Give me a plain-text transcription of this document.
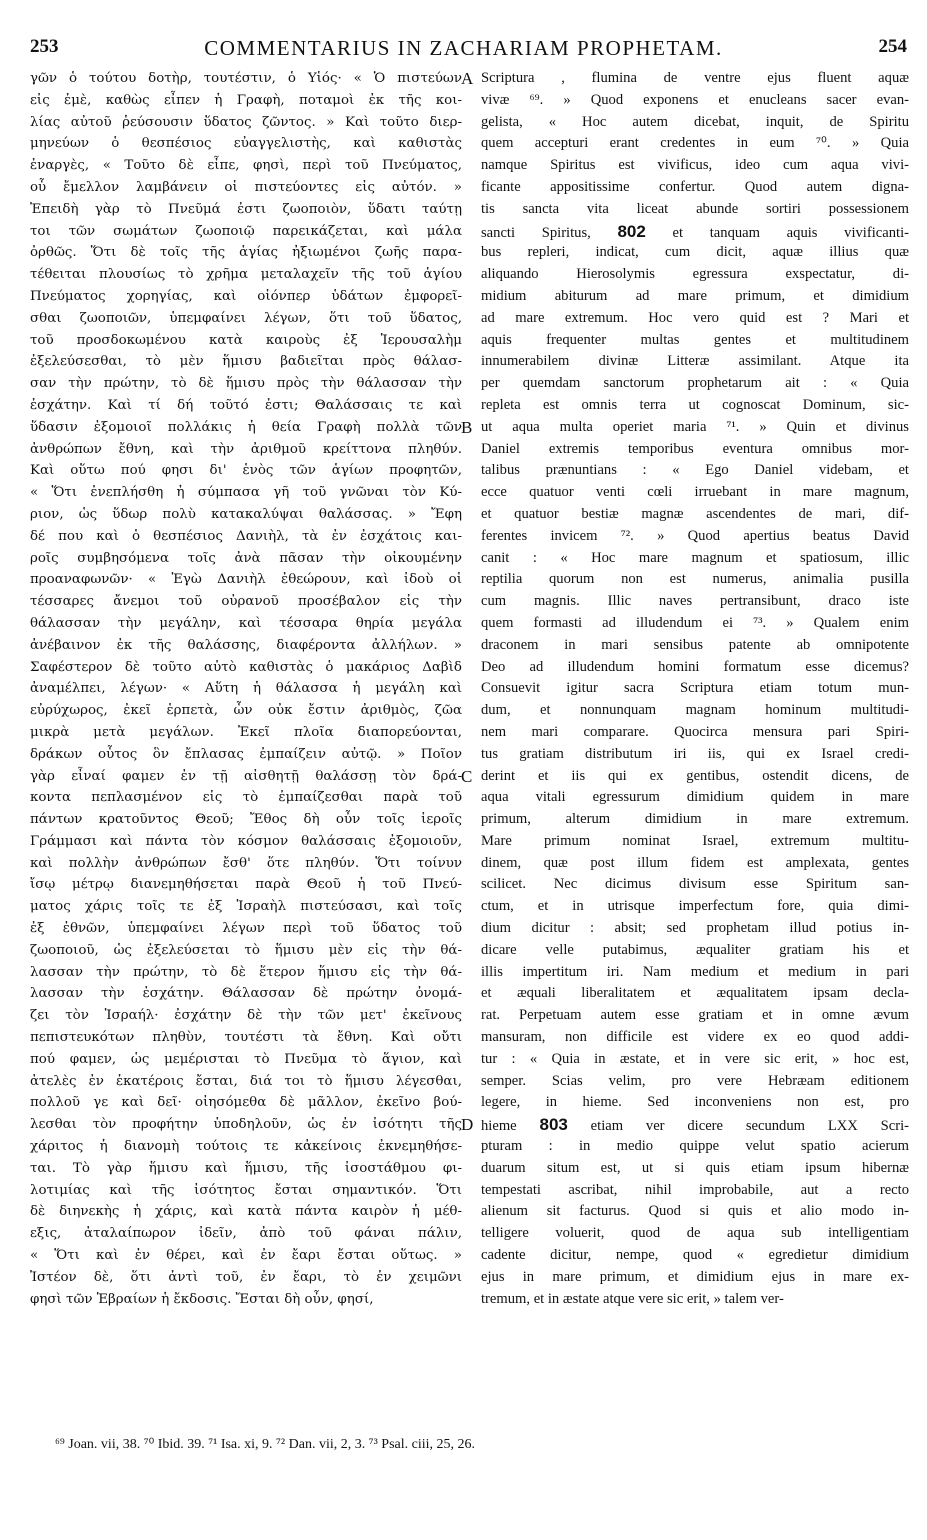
253	COMMENTARIUS IN ZACHARIAM PROPHETAM.	254
γῶν ὁ τούτου δοτὴρ, τουτέστιν, ὁ Υἱός· « Ὁ πιστεύων
εἰς ἐμὲ, καθὼς εἶπεν ἡ Γραφὴ, ποταμοὶ ἐκ τῆς κοι-
λίας αὐτοῦ ῥεύσουσιν ὕδατος ζῶντος. » Καὶ τοῦτο διερ-
μηνεύων ὁ θεσπέσιος εὐαγγελιστὴς, καὶ καθιστὰς
ἐναργὲς, « Τοῦτο δὲ εἶπε, φησὶ, περὶ τοῦ Πνεύματος,
οὗ ἔμελλον λαμβάνειν οἱ πιστεύοντες εἰς αὐτόν. »
Ἐπειδὴ γὰρ τὸ Πνεῦμά ἐστι ζωοποιὸν, ὕδατι ταύτῃ
τοι τῶν σωμάτων ζωοποιῷ παρεικάζεται, καὶ μάλα
ὀρθῶς. Ὅτι δὲ τοῖς τῆς ἁγίας ἠξιωμένοι ζωῆς παρα-
τέθειται πλουσίως τὸ χρῆμα μεταλαχεῖν τῆς τοῦ ἁγίου
Πνεύματος χορηγίας, καὶ οἱόνπερ ὑδάτων ἐμφορεῖ-
σθαι ζωοποιῶν, ὑπεμφαίνει λέγων, ὅτι τοῦ ὕδατος,
τοῦ προσδοκωμένου κατὰ καιροὺς ἐξ Ἱερουσαλὴμ
ἐξελεύσεσθαι, τὸ μὲν ἥμισυ βαδιεῖται πρὸς θάλασ-
σαν τὴν πρώτην, τὸ δὲ ἥμισυ πρὸς τὴν θάλασσαν τὴν
ἐσχάτην. Καὶ τί δή τοῦτό ἐστι; Θαλάσσαις τε καὶ
ὕδασιν ἐξομοιοῖ πολλάκις ἡ θεία Γραφὴ πολλὰ τῶν
ἀνθρώπων ἔθνη, καὶ τὴν ἀριθμοῦ κρείττονα πληθύν.
Καὶ οὕτω πού φησι δι' ἑνὸς τῶν ἁγίων προφητῶν,
« Ὅτι ἐνεπλήσθη ἡ σύμπασα γῆ τοῦ γνῶναι τὸν Κύ-
ριον, ὡς ὕδωρ πολὺ κατακαλύψαι θαλάσσας. » Ἔφη
δέ που καὶ ὁ θεσπέσιος Δανιὴλ, τὰ ἐν ἐσχάτοις και-
ροῖς συμβησόμενα τοῖς ἀνὰ πᾶσαν τὴν οἰκουμένην
προαναφωνῶν· « Ἐγὼ Δανιὴλ ἐθεώρουν, καὶ ἰδοὺ οἱ
τέσσαρες ἄνεμοι τοῦ οὐρανοῦ προσέβαλον εἰς τὴν
θάλασσαν τὴν μεγάλην, καὶ τέσσαρα θηρία μεγάλα
ἀνέβαινον ἐκ τῆς θαλάσσης, διαφέροντα ἀλλήλων. »
Σαφέστερον δὲ τοῦτο αὐτὸ καθιστὰς ὁ μακάριος Δαβὶδ
ἀναμέλπει, λέγων· « Αὕτη ἡ θάλασσα ἡ μεγάλη καὶ
εὐρύχωρος, ἐκεῖ ἑρπετὰ, ὧν οὐκ ἔστιν ἀριθμὸς, ζῶα
μικρὰ μετὰ μεγάλων. Ἐκεῖ πλοῖα διαπορεύονται,
δράκων οὗτος ὃν ἔπλασας ἐμπαίζειν αὐτῷ. » Ποῖον
γὰρ εἶναί φαμεν ἐν τῇ αἰσθητῇ θαλάσσῃ τὸν δρά-
κοντα πεπλασμένον εἰς τὸ ἐμπαίζεσθαι παρὰ τοῦ
πάντων κρατοῦντος Θεοῦ; Ἔθος δὴ οὖν τοῖς ἱεροῖς
Γράμμασι καὶ πάντα τὸν κόσμον θαλάσσαις ἐξομοιοῦν,
καὶ πολλὴν ἀνθρώπων ἔσθ' ὅτε πληθύν. Ὅτι τοίνυν
ἴσῳ μέτρῳ διανεμηθήσεται παρὰ Θεοῦ ἡ τοῦ Πνεύ-
ματος χάρις τοῖς τε ἐξ Ἰσραὴλ πιστεύσασι, καὶ τοῖς
ἐξ ἐθνῶν, ὑπεμφαίνει λέγων περὶ τοῦ ὕδατος τοῦ
ζωοποιοῦ, ὡς ἐξελεύσεται τὸ ἥμισυ μὲν εἰς τὴν θά-
λασσαν τὴν πρώτην, τὸ δὲ ἕτερον ἥμισυ εἰς τὴν θά-
λασσαν τὴν ἐσχάτην. Θάλασσαν δὲ πρώτην ὀνομά-
ζει τὸν Ἰσραήλ· ἐσχάτην δὲ τὴν τῶν μετ' ἐκεῖνους
πεπιστευκότων πληθὺν, τουτέστι τὰ ἔθνη. Καὶ οὔτι
πού φαμεν, ὡς μεμέρισται τὸ Πνεῦμα τὸ ἅγιον, καὶ
ἀτελὲς ἐν ἑκατέροις ἔσται, διά τοι τὸ ἥμισυ λέγεσθαι,
πολλοῦ γε καὶ δεῖ· οἰησόμεθα δὲ μᾶλλον, ἐκεῖνο βού-
λεσθαι τὸν προφήτην ὑποδηλοῦν, ὡς ἐν ἰσότητι τῆς
χάριτος ἡ διανομὴ τούτοις τε κἀκείνοις ἐκνεμηθήσε-
ται. Τὸ γὰρ ἥμισυ καὶ ἥμισυ, τῆς ἰσοστάθμου φι-
λοτιμίας καὶ τῆς ἰσότητος ἔσται σημαντικόν. Ὅτι
δὲ διηνεκὴς ἡ χάρις, καὶ κατὰ πάντα καιρὸν ἡ μέθ-
εξις, ἀταλαίπωρον ἰδεῖν, ἀπὸ τοῦ φάναι πάλιν,
« Ὅτι καὶ ἐν θέρει, καὶ ἐν ἔαρι ἔσται οὕτως. »
Ἰστέον δὲ, ὅτι ἀντὶ τοῦ, ἐν ἔαρι, τὸ ἐν χειμῶνι
φησὶ τῶν Ἑβραίων ἡ ἔκδοσις. Ἔσται δὴ οὖν, φησί,
Scriptura , flumina de ventre ejus fluent aquæ
vivæ ⁶⁹. » Quod exponens et enucleans sacer evan-
gelista, « Hoc autem dicebat, inquit, de Spiritu
quem accepturi erant credentes in eum ⁷⁰. » Quia
namque Spiritus est vivificus, ideo cum aqua vivi-
ficante appositissime confertur. Quod autem digna-
tis sancta vita liceat abunde sortiri possessionem
sancti Spiritus, 802 et tanquam aquis vivificanti-
bus repleri, indicat, cum dicit, aquæ illius quæ
aliquando Hierosolymis egressura exspectatur, di-
midium abiturum ad mare primum, et dimidium
ad mare extremum. Hoc vero quid est ? Mari et
aquis frequenter multas gentes et multitudinem
innumerabilem divinæ Litteræ assimilant. Atque ita
per quemdam sanctorum prophetarum ait : « Quia
repleta est omnis terra ut cognoscat Dominum, sic-
ut aqua multa operiet maria ⁷¹. » Quin et divinus
Daniel extremis temporibus eventura omnibus mor-
talibus prænuntians : « Ego Daniel videbam, et
ecce quatuor venti cœli irruebant in mare magnum,
et quatuor bestiæ magnæ ascendentes de mari, dif-
ferentes invicem ⁷². » Quod apertius beatus David
canit : « Hoc mare magnum et spatiosum, illic
reptilia quorum non est numerus, animalia pusilla
cum magnis. Illic naves pertransibunt, draco iste
quem formasti ad illudendum ei ⁷³. » Qualem enim
draconem in mari sensibus patente ab omnipotente
Deo ad illudendum homini formatum esse dicemus?
Consuevit igitur sacra Scriptura etiam totum mun-
dum, et nonnunquam magnam hominum multitudi-
nem mari comparare. Quocirca mensura pari Spiri-
tus gratiam distributum iri iis, qui ex Israel credi-
derint et iis qui ex gentibus, ostendit dicens, de
aqua vitali egressurum dimidium quidem in mare
primum, alterum dimidium in mare extremum.
Mare primum nominat Israel, extremum multitu-
dinem, quæ post illum fidem est amplexata, gentes
scilicet. Nec dicimus divisum esse Spiritum san-
ctum, et in utrisque imperfectum fore, quia dimi-
dium dicitur : absit; sed prophetam illud potius in-
dicare velle putabimus, æqualiter gratiam his et
illis impertitum iri. Nam medium et medium in pari
et æquali liberalitatem et æqualitatem ipsam decla-
rat. Perpetuam autem esse gratiam et in omne ævum
mansuram, non difficile est videre ex eo quod addi-
tur : « Quia in æstate, et in vere sic erit, » hoc est,
semper. Scias velim, pro vere Hebræam editionem
legere, in hieme. Sed inconveniens non est, pro
hieme 803 etiam ver dicere secundum LXX Scri-
pturam : in medio quippe velut spatio acierum
duarum situm est, ut si quis etiam ipsum hibernæ
tempestati ascribat, nihil improbabile, aut a recto
alienum sit facturus. Quod si quis et alio modo in-
telligere voluerit, quod de aqua sub intelligentiam
cadente dicitur, nempe, quod « egredietur dimidium
ejus in mare primum, et dimidium ejus in mare ex-
tremum, et in æstate atque vere sic erit, » talem ver-
A
B
C
D
⁶⁹ Joan. vii, 38. ⁷⁰ Ibid. 39. ⁷¹ Isa. xi, 9. ⁷² Dan. vii, 2, 3. ⁷³ Psal. ciii, 25, 26.
